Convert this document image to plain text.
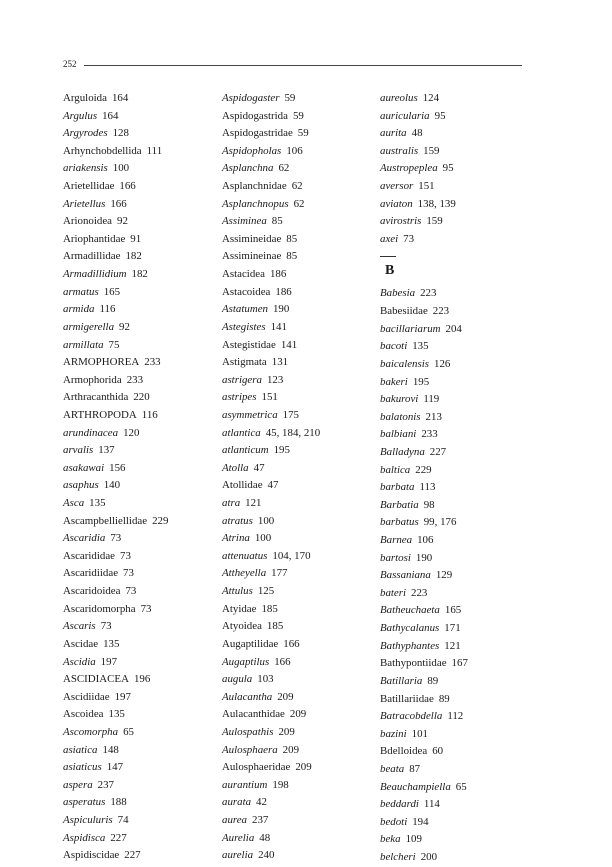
252
Arguloida 164
Argulus 164
Argyrodes 128
Arhynchobdellida 111
ariakensis 100
Arietellidae 166
Arietellus 166
Arionoidea 92
Ariophantidae 91
Armadillidae 182
Armadillidium 182
armatus 165
armida 116
armigerella 92
armillata 75
ARMOPHOREA 233
Armophorida 233
Arthracanthida 220
ARTHROPODA 116
arundinacea 120
arvalis 137
asakawai 156
asaphus 140
Asca 135
Ascampbelliellidae 229
Ascaridia 73
Ascarididae 73
Ascaridiidae 73
Ascaridoidea 73
Ascaridomorpha 73
Ascaris 73
Ascidae 135
Ascidia 197
ASCIDIACEA 196
Ascidiidae 197
Ascoidea 135
Ascomorpha 65
asiatica 148
asiaticus 147
aspera 237
asperatus 188
Aspiculuris 74
Aspidisca 227
Aspidiscidae 227
Aspidogaster 59
Aspidogastrida 59
Aspidogastridae 59
Aspidopholas 106
Asplanchna 62
Asplanchnidae 62
Asplanchnopus 62
Assiminea 85
Assimineidae 85
Assimineinae 85
Astacidea 186
Astacoidea 186
Astatumen 190
Astegistes 141
Astegistidae 141
Astigmata 131
astrigera 123
astripes 151
asymmetrica 175
atlantica 45, 184, 210
atlanticum 195
Atolla 47
Atollidae 47
atra 121
atratus 100
Atrina 100
attenuatus 104, 170
Attheyella 177
Attulus 125
Atyidae 185
Atyoidea 185
Augaptilidae 166
Augaptilus 166
augula 103
Aulacantha 209
Aulacanthidae 209
Aulospathis 209
Aulosphaera 209
Aulosphaeridae 209
aurantium 198
aurata 42
aurea 237
Aurelia 48
aurelia 240
aureolus 124
auricularia 95
aurita 48
australis 159
Austropeplea 95
aversor 151
aviaton 138, 139
avirostris 159
axei 73
B
Babesia 223
Babesiidae 223
bacillariarum 204
bacoti 135
baicalensis 126
bakeri 195
bakurovi 119
balatonis 213
balbiani 233
Balladyna 227
baltica 229
barbata 113
Barbatia 98
barbatus 99, 176
Barnea 106
bartosi 190
Bassaniana 129
bateri 223
Batheuchaeta 165
Bathycalanus 171
Bathyphantes 121
Bathypontiidae 167
Batillaria 89
Batillariidae 89
Batracobdella 112
bazini 101
Bdelloidea 60
beata 87
Beauchampiella 65
beddardi 114
bedoti 194
beka 109
belcheri 200
